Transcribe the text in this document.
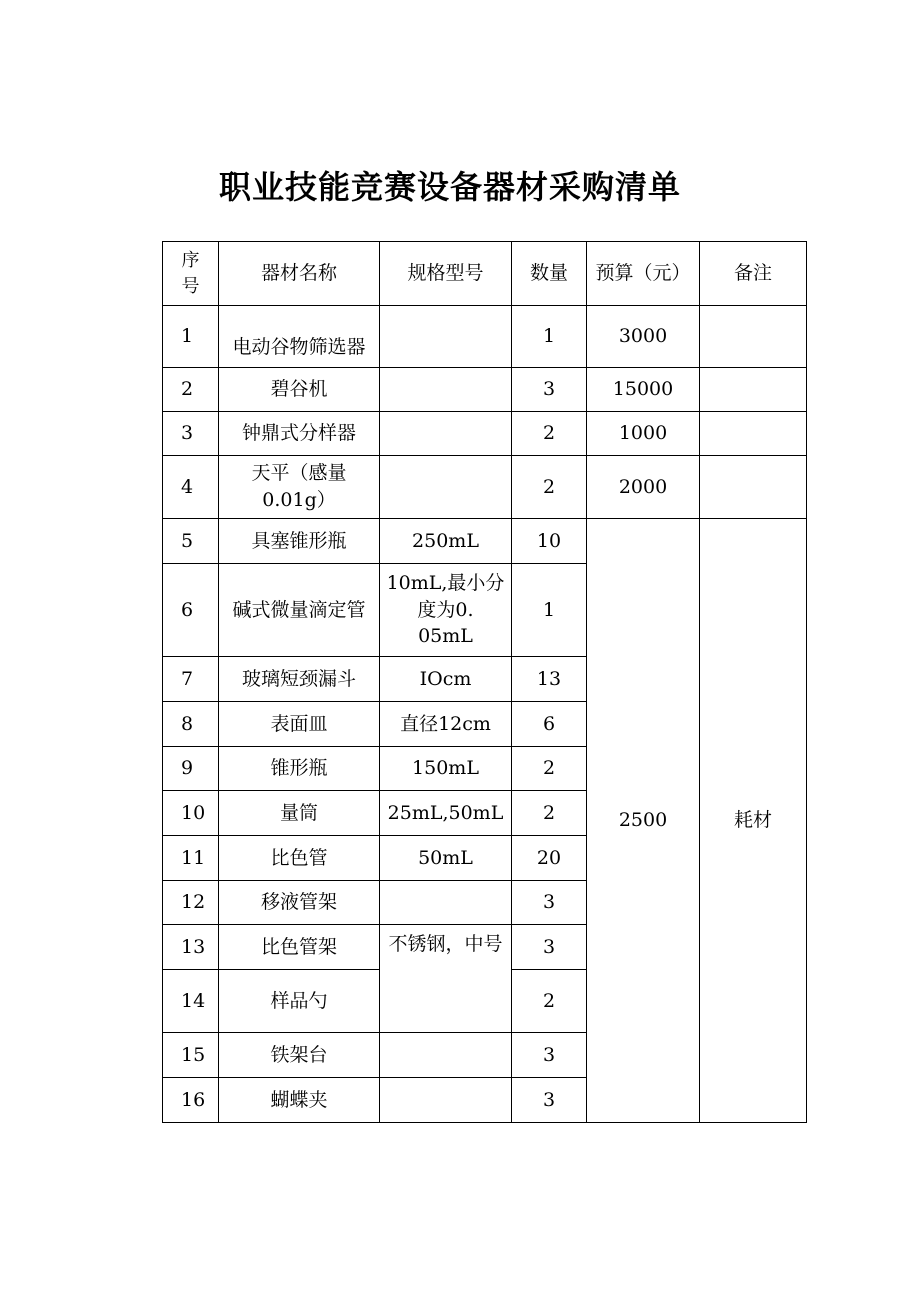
职业技能竞赛设备器材采购清单
序
号	器材名称	规格型号	数量	预算（元）	备注
1	电动谷物筛选器		1	3000	
2	碧谷机		3	15000	
3	钟鼎式分样器		2	1000	
4	天平（感量
0.01g）		2	2000	
5	具塞锥形瓶	250mL	10	2500	耗材
6	碱式微量滴定管	10mL,最小分
度为0.
05mL	1		
7	玻璃短颈漏斗	IOcm	13		
8	表面皿	直径12cm	6		
9	锥形瓶	150mL	2		
10	量筒	25mL,50mL	2		
11	比色管	50mL	20		
12	移液管架		3		
13	比色管架	不锈钢，中号	3		
14	样品勺		2		
15	铁架台		3		
16	蝴蝶夹		3		
